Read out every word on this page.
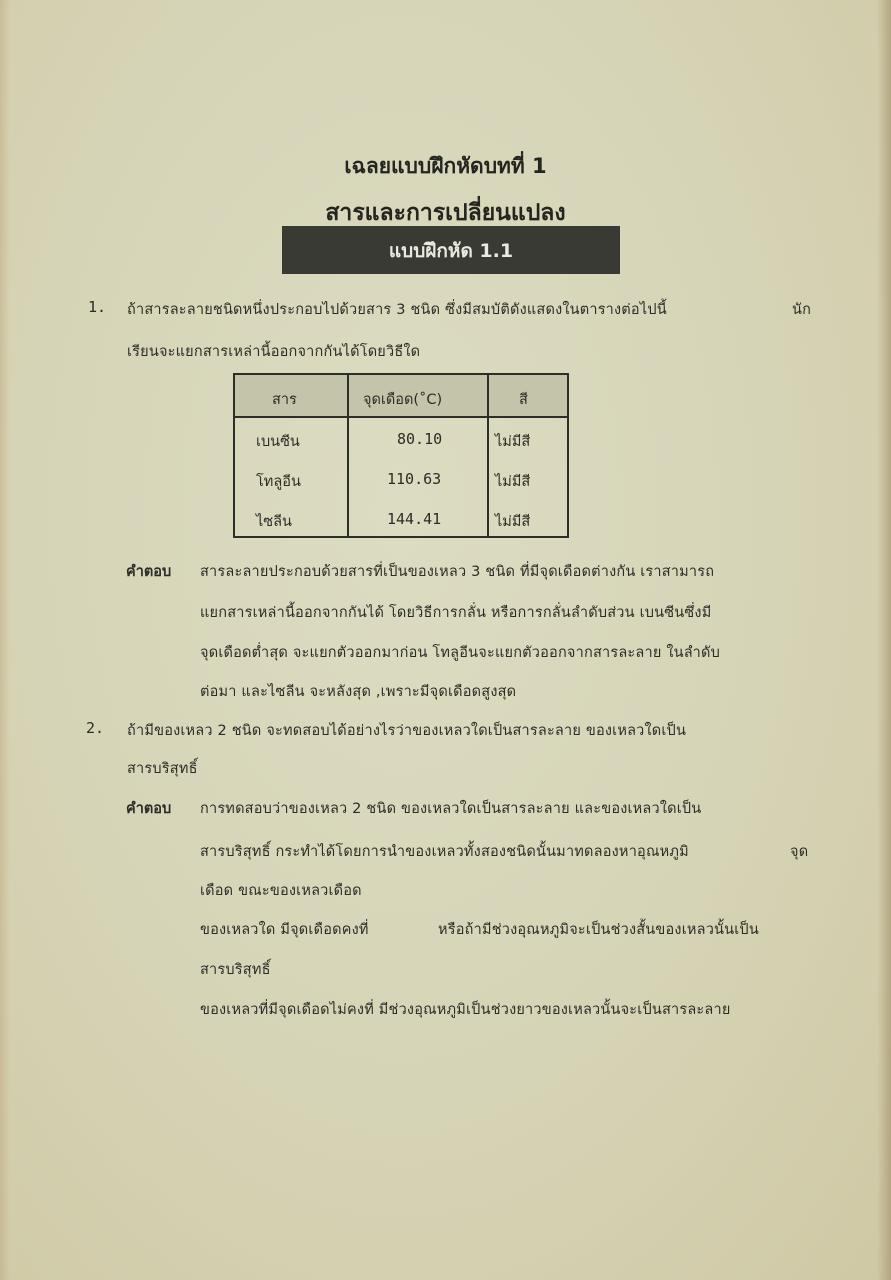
เฉลยแบบฝึกหัดบทที่ 1
สารและการเปลี่ยนแปลง
แบบฝึกหัด 1.1
1. ถ้าสารละลายชนิดหนึ่งประกอบไปด้วยสาร 3 ชนิด ซึ่งมีสมบัติดังแสดงในตารางต่อไปนี้	นัก
เรียนจะแยกสารเหล่านี้ออกจากกันได้โดยวิธีใด
สาร	จุดเดือด(˚C)	สี
เบนซีน	80.10	ไม่มีสี
โทลูอีน	110.63	ไม่มีสี
ไซลีน	144.41	ไม่มีสี
คำตอบ สารละลายประกอบด้วยสารที่เป็นของเหลว 3 ชนิด ที่มีจุดเดือดต่างกัน เราสามารถ
แยกสารเหล่านี้ออกจากกันได้ โดยวิธีการกลั่น หรือการกลั่นลำดับส่วน เบนซีนซึ่งมี
จุดเดือดต่ำสุด จะแยกตัวออกมาก่อน โทลูอีนจะแยกตัวออกจากสารละลาย ในลำดับ
ต่อมา และไซลีน จะหลังสุด ,เพราะมีจุดเดือดสูงสุด
2. ถ้ามีของเหลว 2 ชนิด จะทดสอบได้อย่างไรว่าของเหลวใดเป็นสารละลาย ของเหลวใดเป็น
สารบริสุทธิ์
คำตอบ การทดสอบว่าของเหลว 2 ชนิด ของเหลวใดเป็นสารละลาย และของเหลวใดเป็น
สารบริสุทธิ์ กระทำได้โดยการนำของเหลวทั้งสองชนิดนั้นมาทดลองหาอุณหภูมิ	จุด
เดือด ขณะของเหลวเดือด
ของเหลวใด มีจุดเดือดคงที่	หรือถ้ามีช่วงอุณหภูมิจะเป็นช่วงสั้นของเหลวนั้นเป็น
สารบริสุทธิ์
ของเหลวที่มีจุดเดือดไม่คงที่ มีช่วงอุณหภูมิเป็นช่วงยาวของเหลวนั้นจะเป็นสารละลาย
